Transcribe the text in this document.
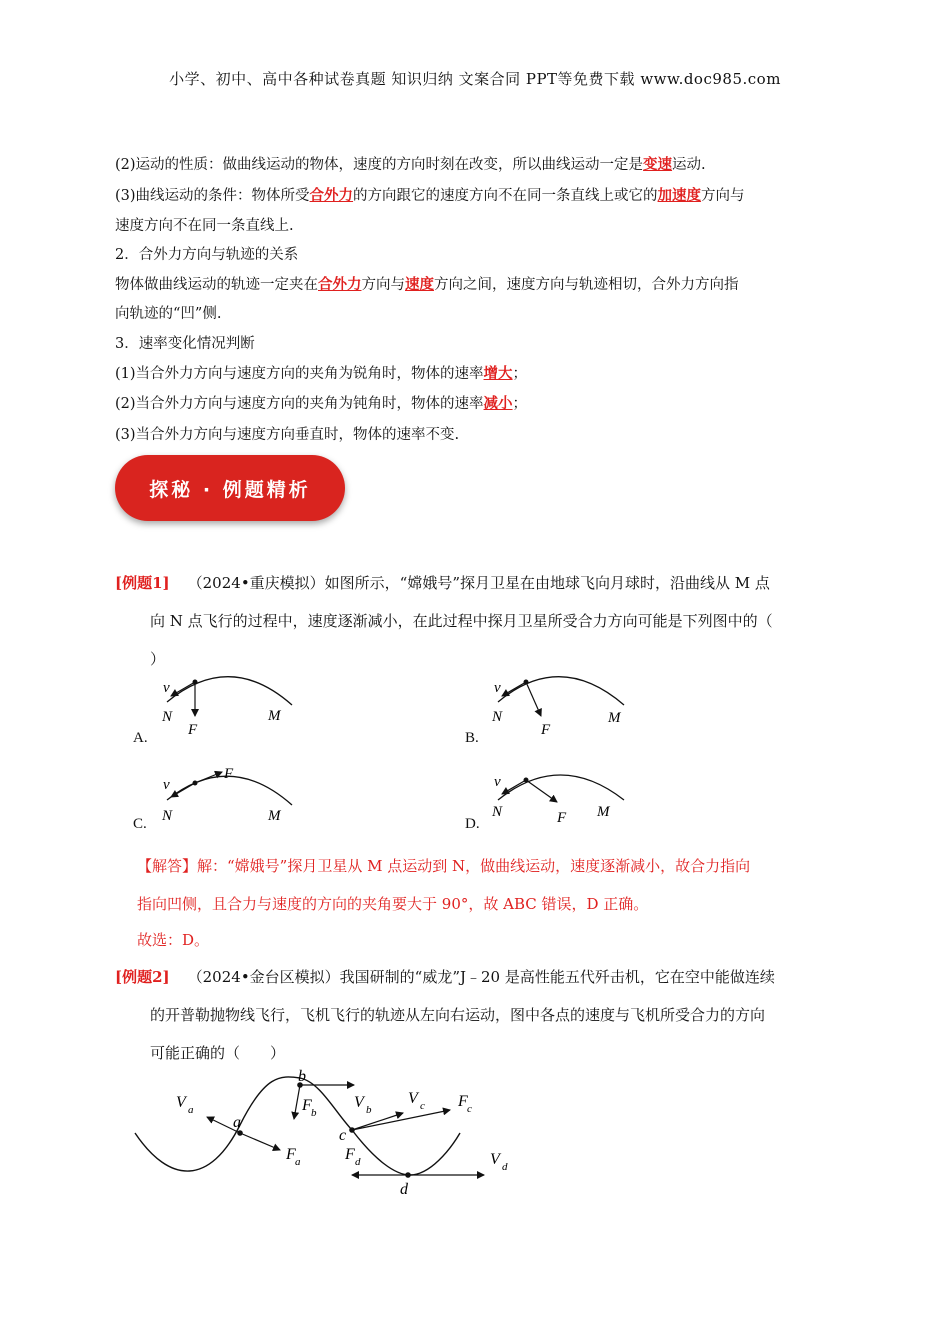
小学、初中、高中各种试卷真题 知识归纳 文案合同 PPT等免费下载 www.doc985.com
(2)运动的性质：做曲线运动的物体，速度的方向时刻在改变，所以曲线运动一定是变速运动.
(3)曲线运动的条件：物体所受合外力的方向跟它的速度方向不在同一条直线上或它的加速度方向与
速度方向不在同一条直线上.
2．合外力方向与轨迹的关系
物体做曲线运动的轨迹一定夹在合外力方向与速度方向之间，速度方向与轨迹相切，合外力方向指
向轨迹的“凹”侧.
3．速率变化情况判断
(1)当合外力方向与速度方向的夹角为锐角时，物体的速率增大；
(2)当合外力方向与速度方向的夹角为钝角时，物体的速率减小；
(3)当合外力方向与速度方向垂直时，物体的速率不变.
探秘 · 例题精析
[例题1] （2024•重庆模拟）如图所示，“嫦娥号”探月卫星在由地球飞向月球时，沿曲线从 M 点
向 N 点飞行的过程中，速度逐渐减小，在此过程中探月卫星所受合力方向可能是下列图中的（
）
v
N
F
M
v
N
F
M
v
N
F
M
v
N	F M
V a
a
F a
b
F b
V b
c
V c F c
F d
d
V d
A.	B.
C.	D.
【解答】解：“嫦娥号”探月卫星从 M 点运动到 N，做曲线运动，速度逐渐减小，故合力指向
指向凹侧，且合力与速度的方向的夹角要大于 90°，故 ABC 错误，D 正确。
故选：D。
[例题2] （2024•金台区模拟）我国研制的“威龙”J﹣20 是高性能五代歼击机，它在空中能做连续
的开普勒抛物线飞行，飞机飞行的轨迹从左向右运动，图中各点的速度与飞机所受合力的方向
可能正确的（　　）
